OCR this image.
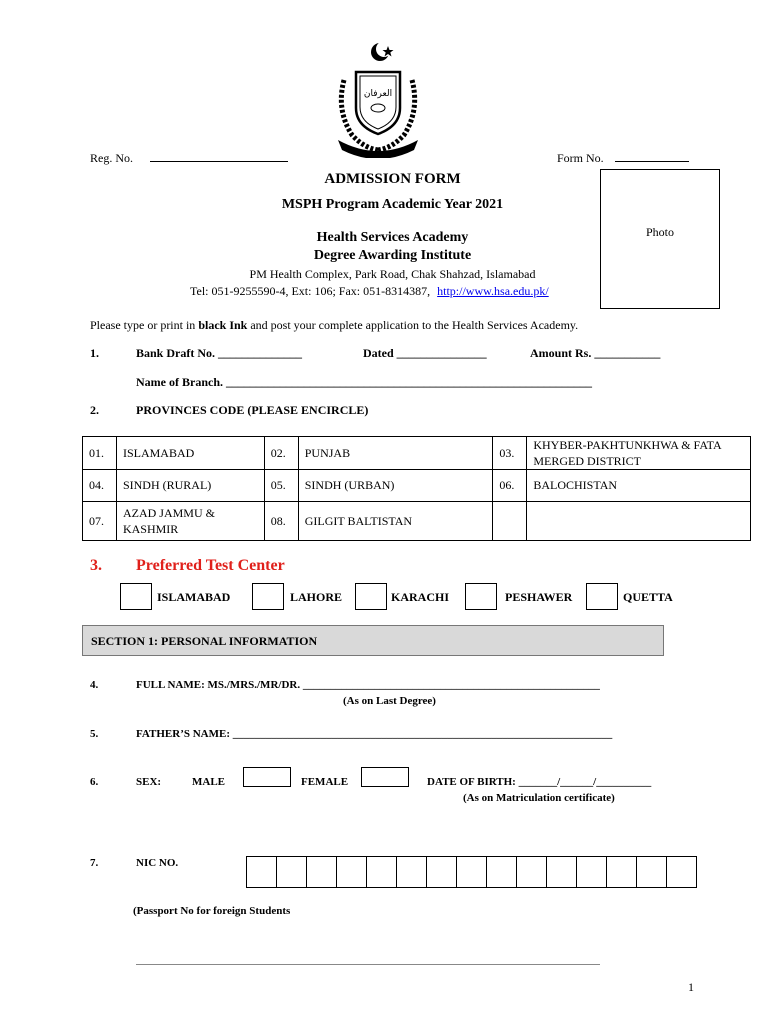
العرفان
Reg. No.	Form No.
ADMISSION FORM
MSPH Program Academic Year 2021
Health Services Academy
Degree Awarding Institute
PM Health Complex, Park Road, Chak Shahzad, Islamabad
Tel: 051-9255590-4, Ext: 106; Fax: 051-8314387, http://www.hsa.edu.pk/
Photo
Please type or print in black Ink and post your complete application to the Health Services Academy.
1.	Bank Draft No. ______________	Dated _______________	Amount Rs. ___________
Name of Branch. _____________________________________________________________
2.	PROVINCES CODE (PLEASE ENCIRCLE)
01.	ISLAMABAD	02.	PUNJAB	03.	KHYBER-PAKHTUNKHWA & FATA MERGED DISTRICT
04.	SINDH (RURAL)	05.	SINDH (URBAN)	06.	BALOCHISTAN
07.	AZAD JAMMU & KASHMIR	08.	GILGIT BALTISTAN		
3. Preferred Test Center
ISLAMABAD	LAHORE	KARACHI	PESHAWER	QUETTA
SECTION 1: PERSONAL INFORMATION
4.	FULL NAME: MS./MRS./MR/DR. ______________________________________________________
(As on Last Degree)
5.	FATHER’S NAME: _____________________________________________________________________
6.	SEX:	MALE	FEMALE	DATE OF BIRTH: _______/______/__________
(As on Matriculation certificate)
7.	NIC NO.
(Passport No for foreign Students
1
